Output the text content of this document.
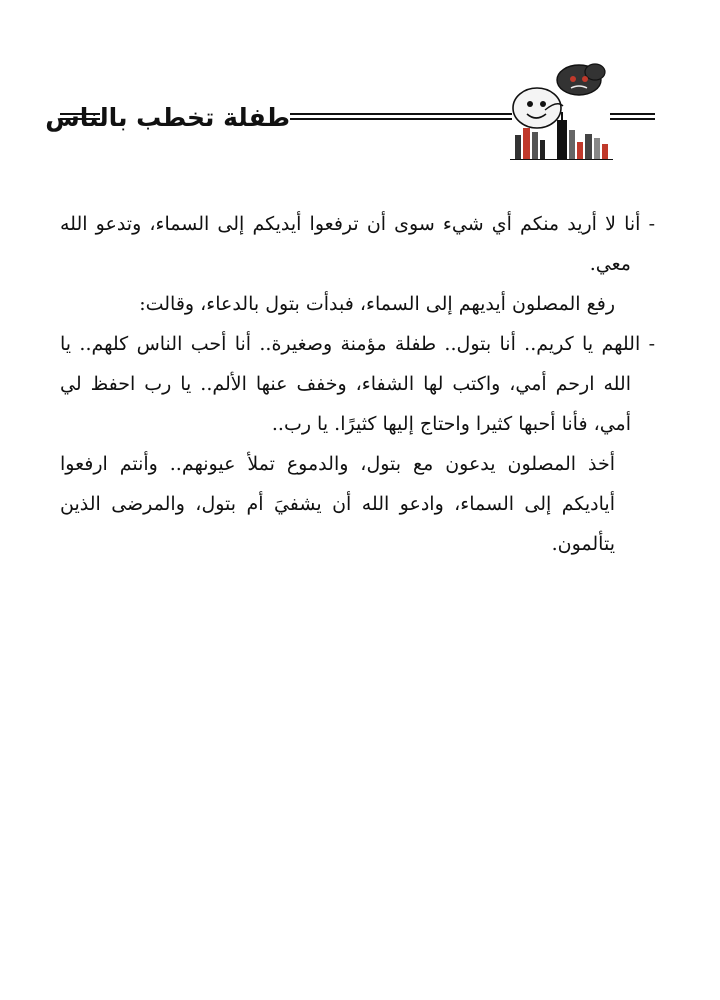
طفلة تخطب بالناس

- أنا لا أريد منكم أي شيء سوى أن ترفعوا أيديكم إلى السماء، وتدعو الله معي.

رفع المصلون أيديهم إلى السماء، فبدأت بتول بالدعاء، وقالت:

- اللهم يا كريم.. أنا بتول.. طفلة مؤمنة وصغيرة.. أنا أحب الناس كلهم.. يا الله ارحم أمي، واكتب لها الشفاء، وخفف عنها الألم.. يا رب احفظ لي أمي، فأنا أحبها كثيرا واحتاج إليها كثيرًا. يا رب..

أخذ المصلون يدعون مع بتول، والدموع تملأ عيونهم.. وأنتم ارفعوا أياديكم إلى السماء، وادعو الله أن يشفيَ أم بتول، والمرضى الذين يتألمون.
